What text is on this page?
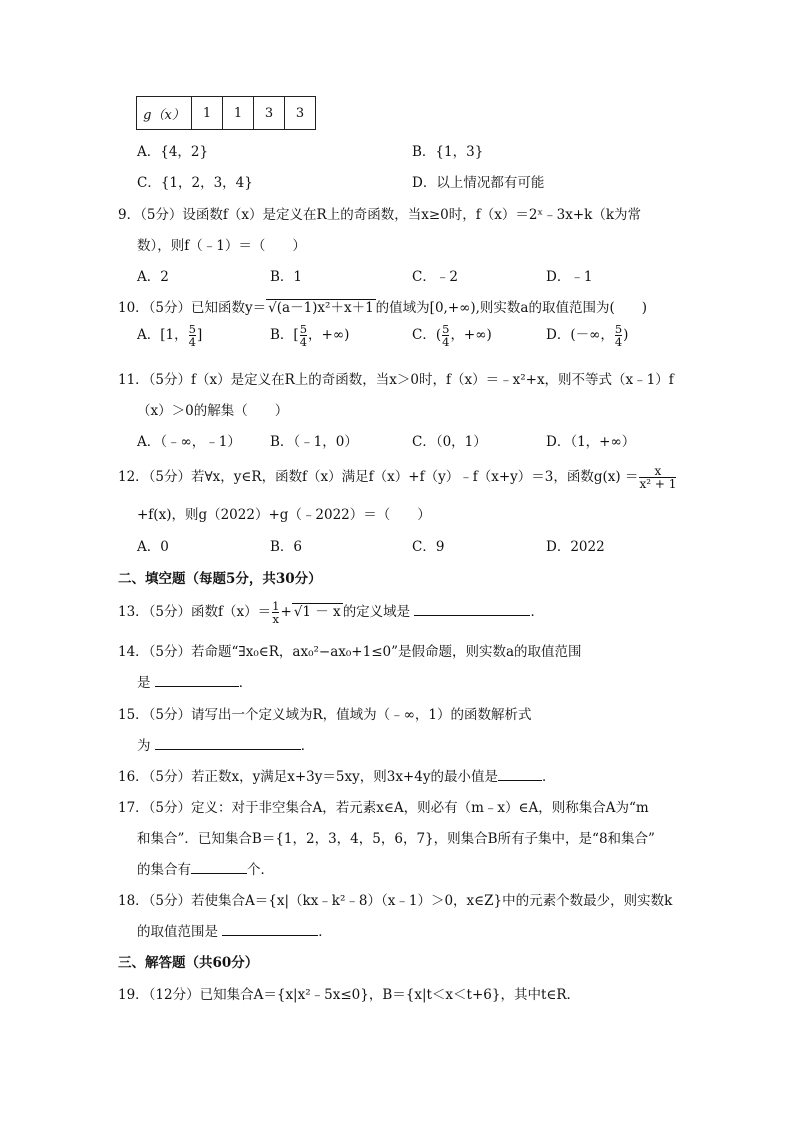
g（x）	1	1	3	3
A．{4，2}	B．{1，3}
C．{1，2，3，4}	D．以上情况都有可能
9．（5分）设函数f（x）是定义在R上的奇函数，当x≥0时，f（x）＝2ˣ﹣3x+k（k为常
数），则f（﹣1）＝（　　）
A．2	B．1	C．﹣2	D．﹣1
10．（5分）已知函数y＝ √(a－1)x²＋x＋1 的值域为[0,+∞),则实数a的取值范围为(　　)
A．[1， $\frac{5}{4}$ ]	B．[ $\frac{5}{4}$ ，+∞)	C．( $\frac{5}{4}$ ，+∞)	D．(－∞， $\frac{5}{4}$ )
11．（5分）f（x）是定义在R上的奇函数，当x＞0时，f（x）＝﹣x²+x，则不等式（x﹣1）f
（x）＞0的解集（　　）
A．（﹣∞，﹣1） B．（﹣1，0）	C．（0，1）	D．（1，+∞）
12．（5分）若∀x，y∈R，函数f（x）满足f（x）+f（y）﹣f（x+y）＝3，函数$g(x) = \frac{x}{\text{x² + 1}}$
+f(x)，则g（2022）+g（﹣2022）＝（　　）
A．0	B．6	C．9	D．2022
二、填空题（每题5分，共30分）
13．（5分）函数$f(x)= \frac{1}{x} + √1 - x$ 的定义域是	．
14．（5分）若命题“∃x₀∈R，ax₀²−ax₀+1≤0”是假命题，则实数a的取值范围
是	．
15．（5分）请写出一个定义域为R，值域为（﹣∞，1）的函数解析式
为	．
16．（5分）若正数x，y满足x+3y＝5xy，则3x+4y的最小值是	．
17．（5分）定义：对于非空集合A，若元素x∈A，则必有（m﹣x）∈A，则称集合A为“m
和集合”．已知集合B＝{1，2，3，4，5，6，7}，则集合B所有子集中，是“8和集合”
的集合有	个．
18．（5分）若使集合A＝{x|（kx﹣k²﹣8）（x﹣1）＞0，x∈Z}中的元素个数最少，则实数k
的取值范围是	．
三、解答题（共60分）
19．（12分）已知集合A＝{x|x²﹣5x≤0}，B＝{x|t＜x＜t+6}，其中t∈R．
